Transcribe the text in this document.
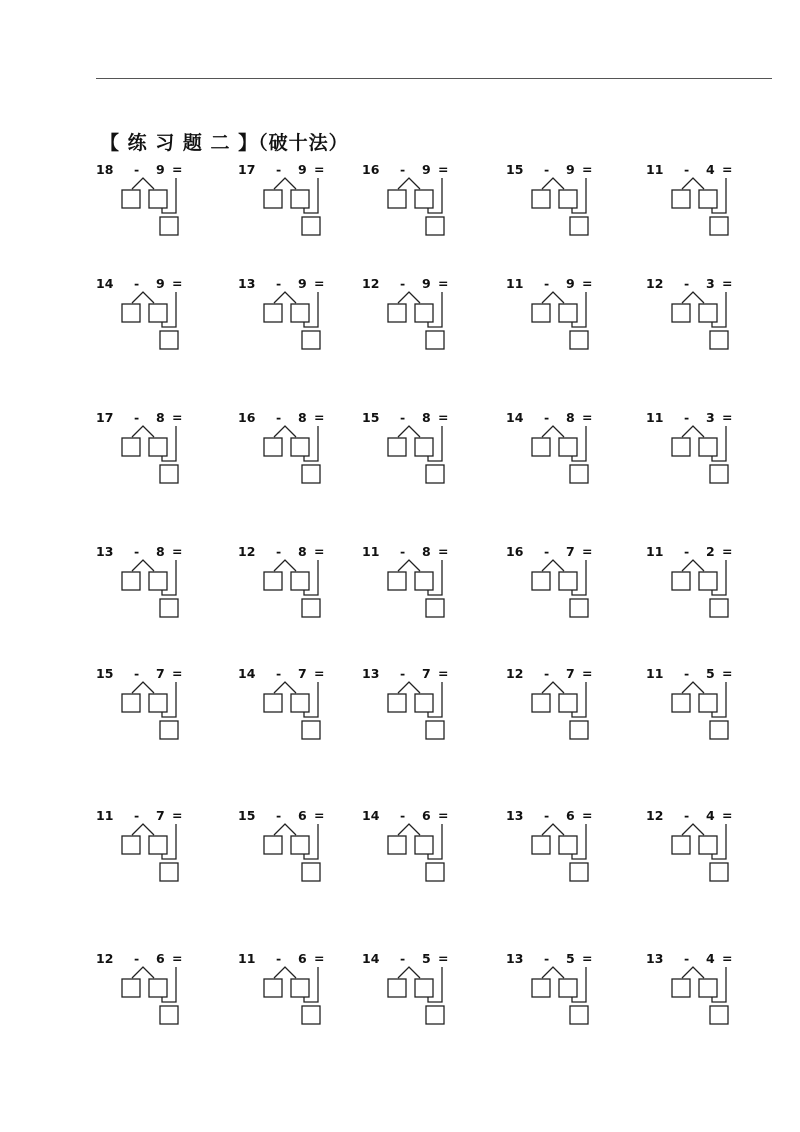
【 练 习 题 二 】（破十法）
18 - 9 =	17 - 9 =	16 - 9 =	15 - 9 =	11 - 4 =
14 - 9 =	13 - 9 =	12 - 9 =	11 - 9 =	12 - 3 =
17 - 8 =	16 - 8 =	15 - 8 =	14 - 8 =	11 - 3 =
13 - 8 =	12 - 8 =	11 - 8 =	16 - 7 =	11 - 2 =
15 - 7 =	14 - 7 =	13 - 7 =	12 - 7 =	11 - 5 =
11 - 7 =	15 - 6 =	14 - 6 =	13 - 6 =	12 - 4 =
12 - 6 =	11 - 6 =	14 - 5 =	13 - 5 =	13 - 4 =
